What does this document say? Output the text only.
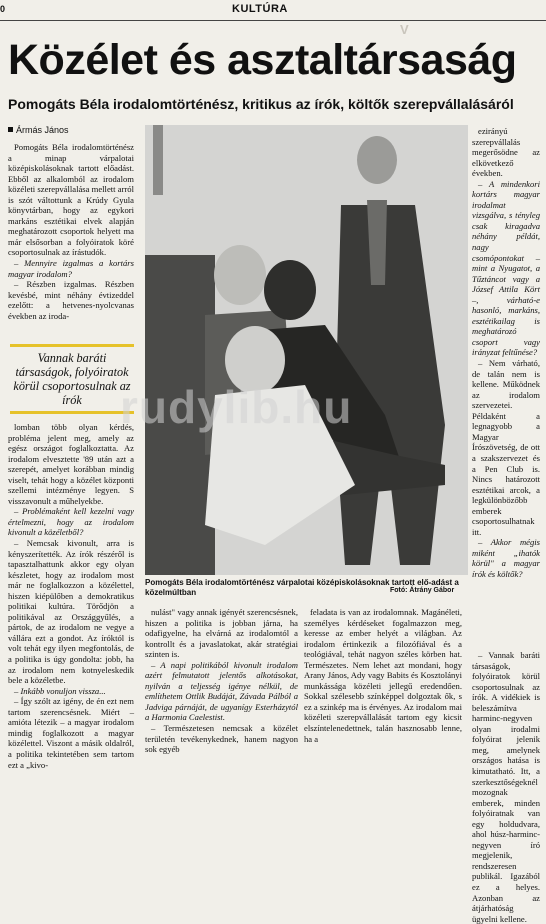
0	KULTÚRA
V
Közélet és asztaltársaság
Pomogáts Béla irodalomtörténész, kritikus az írók, költők szerepvállalásáról
Ármás János

Pomogáts Béla irodalomtörténész a minap várpalotai középiskolásoknak tartott előadást. Ebből az alkalomból az irodalom közéleti szerepvállalása mellett arról is szót váltottunk a Krúdy Gyula könyvtárban, hogy az egykori markáns esztétikai elvek alapján meghatározott csoportok helyett ma már elsősorban a folyóiratok köré csoportosulnak az írástudók.

– Mennyire izgalmas a kortárs magyar irodalom?

– Részben izgalmas. Részben kevésbé, mint néhány évtizeddel ezelőtt: a hetvenes-nyolcvanas években az iroda-

Vannak baráti társaságok, folyóiratok körül csoportosulnak az írók

lomban több olyan kérdés, probléma jelent meg, amely az egész országot foglalkoztatta. Az irodalom elvesztette '89 után azt a szerepét, amelyet korábban mindig viselt, tehát hogy a közélet központi szellemi intézménye legyen. S visszavonult a műhelyekbe.

– Problémaként kell kezelni vagy értelmezni, hogy az irodalom kivonult a közéletből?

– Nemcsak kivonult, arra is kényszerítették. Az írók részéről is tapasztalhattunk akkor egy olyan készletet, hogy az irodalom most már ne foglalkozzon a közélettel, hiszen kiépülőben a demokratikus politikai kultúra. Törődjön a politikával az Országgyűlés, a pártok, de az irodalom ne vegye a vállára ezt a gondot. Az íróktól is volt tehát egy ilyen megfontolás, de a politika is úgy gondolta: jobb, ha az irodalom nem kotnyeleskedik bele a közéletbe.

– Inkább vonuljon vissza...

– Így szólt az igény, de én ezt nem tartom szerencsésnek. Miért – amióta létezik – a magyar irodalom mindig foglalkozott a magyar közélettel. Viszont a másik oldalról, a politika tekintetében sem tartom ezt a „kivo-

Pomogáts Béla irodalomtörténész várpalotai középiskolásoknak tartott elő-adást a közelmúltban	Fotó: Átrány Gábor

nulást" vagy annak igényét szerencsésnek, hiszen a politika is jobban járna, ha odafigyelne, ha elvárná az irodalomtól a kontrollt és a javaslatokat, akár stratégiai szinten is.

– A napi politikából kivonult irodalom azért felmutatott jelentős alkotásokat, nyilván a teljesség igénye nélkül, de említhetem Ottlik Budáját, Závada Pálból a Jadviga párnáját, de ugyanígy Esterházytól a Harmonia Caelestist.

– Természetesen nemcsak a közélet területén tevékenykednek, hanem nagyon sok egyéb

feladata is van az irodalomnak. Magánéleti, személyes kérdéseket fogalmazzon meg, keresse az ember helyét a világban. Az irodalom értinkezik a filozófiával és a teológiával, tehát nagyon széles körben hat. Természetes. Nem lehet azt mondani, hogy Arany János, Ady vagy Babits és Kosztolányi munkássága közéleti jellegű eredendően. Sokkal szélesebb színképpel dolgoztak ők, s ez a szinkép ma is érvényes. Az irodalom mai közéleti szerepvállalását tartom egy kicsit elszíntelenedettnek, talán hasznosabb lenne, ha a

ezirányú szerepvállalás megerősödne az elkövetkező években.

– A mindenkori kortárs magyar irodalmat vizsgálva, s tényleg csak kiragadva néhány példát, nagy csomópontokat – mint a Nyugatot, a Tűztáncot vagy a József Attila Kört –, várható-e hasonló, markáns, esztétikailag is meghatározó csoport vagy irányzat feltűnése?

– Nem várható, de talán nem is kellene. Működnek az irodalom szervezetei. Példaként a legnagyobb a Magyar Írószövetség, de ott a szakszervezet és a Pen Club is. Nincs határozott esztétikai arcok, a legkülönbözőbb emberek csoportosulhatnak itt.

– Akkor mégis miként „ihatók körül" a magyar írók és költők?

– Vannak baráti társaságok, folyóiratok körül csoportosulnak az írók. A vidékiek is beleszámítva harminc-negyven olyan irodalmi folyóirat jelenik meg, amelynek országos hatása is kimutatható. Itt, a szerkesztőségeknél mozognak emberek, minden folyóiratnak van egy holdudvara, ahol húsz-harminc-negyven író megjelenik, rendszeresen publikál. Igazából ez a helyes. Azonban az átjárhatóság ügyelni kellene.

rudylib.hu
